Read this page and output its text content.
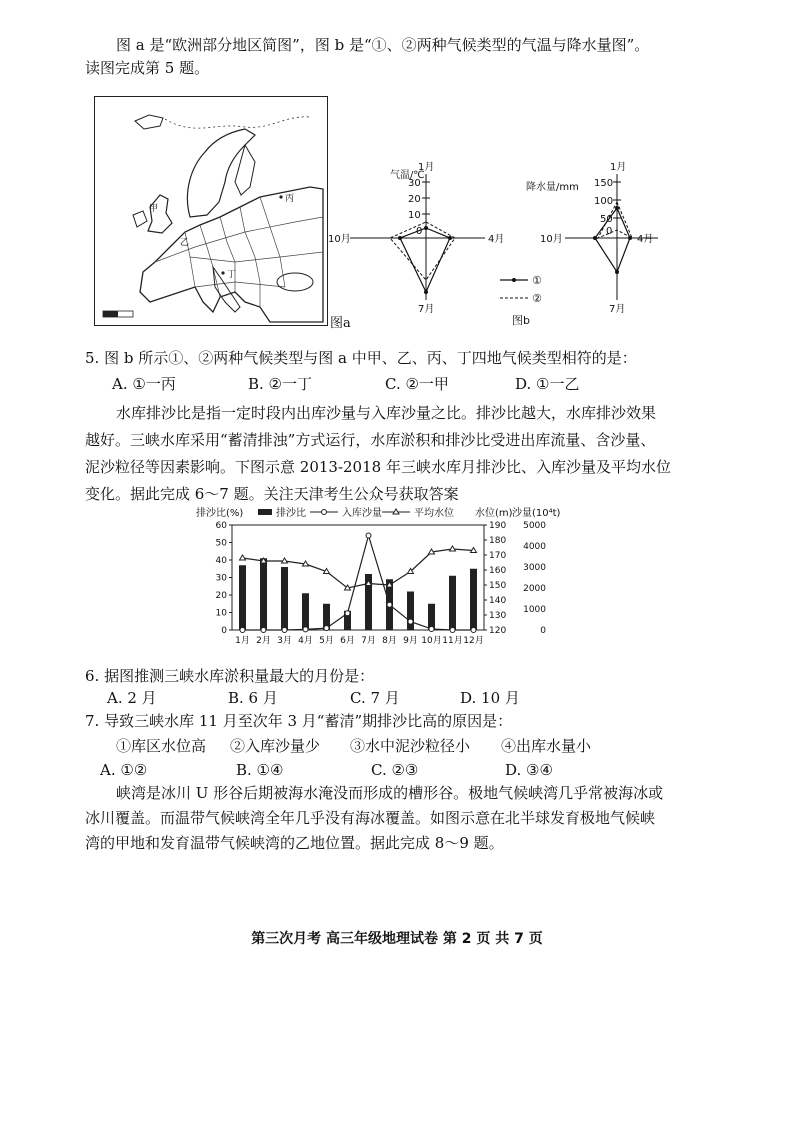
图 a 是“欧洲部分地区简图”，图 b 是“①、②两种气候类型的气温与降水量图”。
读图完成第 5 题。
甲
乙
丙
丁
图a
气温/℃
1月
30
20
10
0
4月
7月
10月
降水量/mm
1月
150
100
50
0
4月
7月
10月
①
②
图b
5. 图 b 所示①、②两种气候类型与图 a 中甲、乙、丙、丁四地气候类型相符的是：
A. ①一丙	B. ②一丁	C. ②一甲	D. ①一乙
水库排沙比是指一定时段内出库沙量与入库沙量之比。排沙比越大，水库排沙效果
越好。三峡水库采用“蓄清排浊”方式运行，水库淤积和排沙比受进出库流量、含沙量、
泥沙粒径等因素影响。下图示意 2013-2018 年三峡水库月排沙比、入库沙量及平均水位
变化。据此完成 6～7 题。关注天津考生公众号获取答案
排沙比(%)	排沙比	入库沙量	平均水位 水位(m) 沙量(10⁴t)
60
50
40
30
20
10
0
190
180
170
160
150
140
130
120
5000
4000
3000
2000
1000
0
1月 2月 3月 4月 5月 6月 7月 8月 9月 10月 11月 12月
6. 据图推测三峡水库淤积量最大的月份是：
A. 2 月	B. 6 月	C. 7 月	D. 10 月
7. 导致三峡水库 11 月至次年 3 月“蓄清”期排沙比高的原因是：
①库区水位高 ②入库沙量少 ③水中泥沙粒径小 ④出库水量小
A. ①②	B. ①④	C. ②③	D. ③④
峡湾是冰川 U 形谷后期被海水淹没而形成的槽形谷。极地气候峡湾几乎常被海冰或
冰川覆盖。而温带气候峡湾全年几乎没有海冰覆盖。如图示意在北半球发育极地气候峡
湾的甲地和发育温带气候峡湾的乙地位置。据此完成 8～9 题。
第三次月考 高三年级地理试卷 第 2 页 共 7 页
